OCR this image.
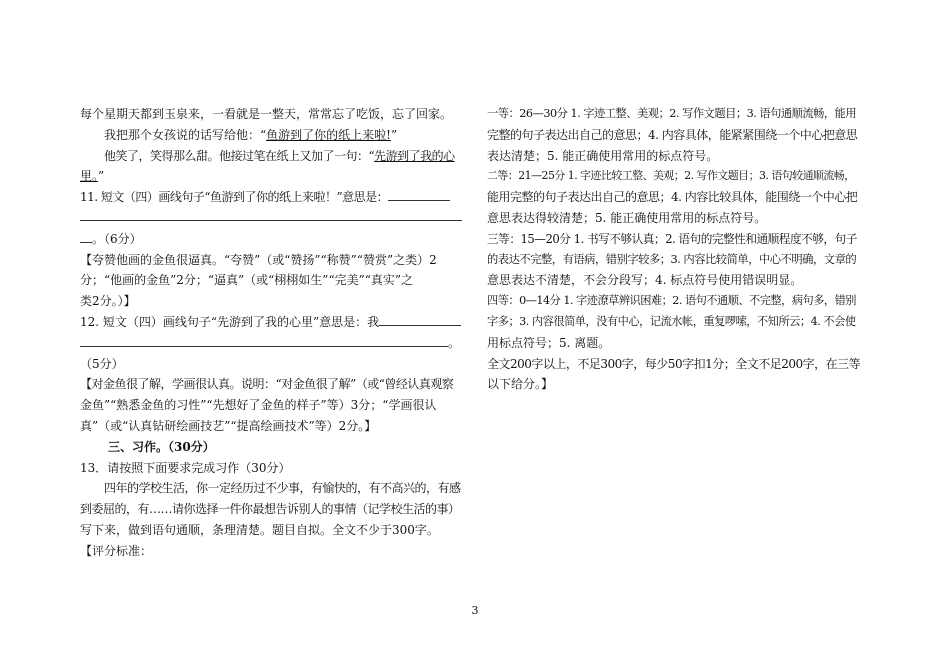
每个星期天都到玉泉来，一看就是一整天，常常忘了吃饭，忘了回家。
我把那个女孩说的话写给他：“鱼游到了你的纸上来啦!”
他笑了，笑得那么甜。他接过笔在纸上又加了一句：“先游到了我的心
里。”
11. 短文（四）画线句子“鱼游到了你的纸上来啦！”意思是：
。（6分）
【夸赞他画的金鱼很逼真。“夸赞”（或“赞扬”“称赞”“赞赏”之类）2
分；“他画的金鱼”2分；“逼真”（或“栩栩如生”“完美”“真实”之
类2分。）】
12. 短文（四）画线句子“先游到了我的心里”意思是：我
。
（5分）
【对金鱼很了解，学画很认真。说明：“对金鱼很了解”（或“曾经认真观察
金鱼”“熟悉金鱼的习性”“先想好了金鱼的样子”等）3分；“学画很认
真”（或“认真钻研绘画技艺”“提高绘画技术”等）2分。】
三、习作。（30分）
13．请按照下面要求完成习作（30分）
四年的学校生活，你一定经历过不少事，有愉快的，有不高兴的，有感
到委屈的，有……请你选择一件你最想告诉别人的事情（记学校生活的事）
写下来，做到语句通顺，条理清楚。题目自拟。全文不少于300字。
【评分标准：
一等：26—30分 1. 字迹工整、美观；2. 写作文题目；3. 语句通顺流畅，能用
完整的句子表达出自己的意思；4. 内容具体，能紧紧围绕一个中心把意思
表达清楚；5. 能正确使用常用的标点符号。
二等：21—25分 1. 字迹比较工整、美观；2. 写作文题目；3. 语句较通顺流畅，
能用完整的句子表达出自己的意思；4. 内容比较具体，能围绕一个中心把
意思表达得较清楚；5. 能正确使用常用的标点符号。
三等：15—20分 1. 书写不够认真；2. 语句的完整性和通顺程度不够，句子
的表达不完整，有语病，错别字较多；3. 内容比较简单，中心不明确，文章的
意思表达不清楚，不会分段写；4. 标点符号使用错误明显。
四等：0—14分 1. 字迹潦草辨识困难；2. 语句不通顺、不完整，病句多，错别
字多；3. 内容很简单，没有中心，记流水帐，重复啰嗦，不知所云；4. 不会使
用标点符号；5. 离题。
全文200字以上，不足300字，每少50字扣1分；全文不足200字，在三等
以下给分。】
3
